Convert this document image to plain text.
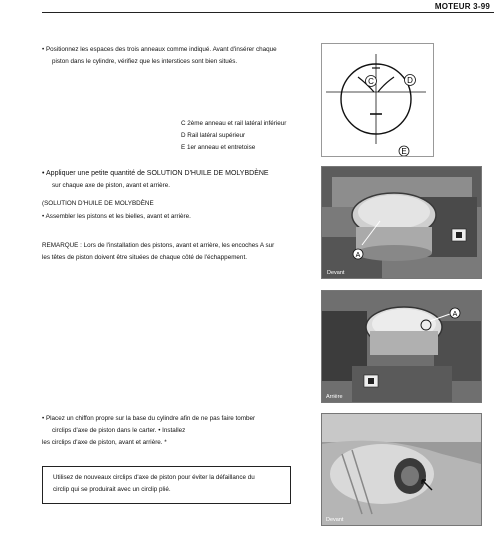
MOTEUR 3-99
• Positionnez les espaces des trois anneaux comme indiqué. Avant d'insérer chaque
piston dans le cylindre, vérifiez que les interstices sont bien situés.
C 2ème anneau et rail latéral inférieur
D Rail latéral supérieur
E 1er anneau et entretoise
C	D
E
• Appliquer une petite quantité de SOLUTION D'HUILE DE MOLYBDÈNE
sur chaque axe de piston, avant et arrière.
(SOLUTION D'HUILE DE MOLYBDÈNE
• Assembler les pistons et les bielles, avant et arrière.
REMARQUE : Lors de l'installation des pistons, avant et arrière, les encoches A sur
les têtes de piston doivent être situées de chaque côté de l'échappement.	A
Devant
A
Arrière
• Placez un chiffon propre sur la base du cylindre afin de ne pas faire tomber
circlips d'axe de piston dans le carter. • Installez
les circlips d'axe de piston, avant et arrière. *
Devant
Utilisez de nouveaux circlips d'axe de piston pour éviter la défaillance du
circlip qui se produirait avec un circlip plié.
